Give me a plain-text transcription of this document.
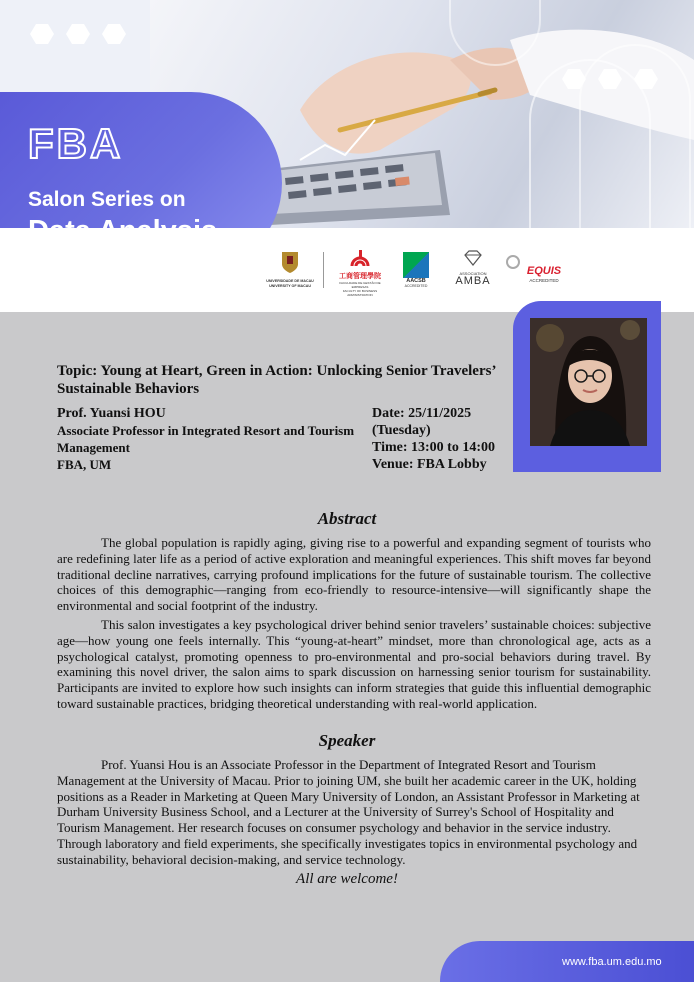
FBA
Salon Series on
UNIVERSIDADE DE MACAU
UNIVERSITY OF MACAU
工商管理學院
FACULDADE DE GESTÃO DE EMPRESAS
FACULTY OF BUSINESS ADMINISTRATION
AACSB
ACCREDITED
ASSOCIATION
AMBA
EQUIS
ACCREDITED
Topic: Young at Heart, Green in Action: Unlocking Senior Travelers’ Sustainable Behaviors
Prof. Yuansi HOU
Associate Professor in Integrated Resort and Tourism Management
FBA, UM
Date: 25/11/2025
(Tuesday)
Time: 13:00 to 14:00
Venue: FBA Lobby
Abstract

The global population is rapidly aging, giving rise to a powerful and expanding segment of tourists who are redefining later life as a period of active exploration and meaningful experiences. This shift moves far beyond traditional decline narratives, carrying profound implications for the future of sustainable tourism. The collective choices of this demographic—ranging from eco-friendly to resource-intensive—will significantly shape the environmental and social footprint of the industry.

This salon investigates a key psychological driver behind senior travelers’ sustainable choices: subjective age—how young one feels internally. This “young-at-heart” mindset, more than chronological age, acts as a psychological catalyst, promoting openness to pro-environmental and pro-social behaviors during travel. By examining this novel driver, the salon aims to spark discussion on harnessing senior tourism for sustainability. Participants are invited to explore how such insights can inform strategies that guide this influential demographic toward sustainable practices, bridging theoretical understanding with real-world application.

Speaker

Prof. Yuansi Hou is an Associate Professor in the Department of Integrated Resort and Tourism Management at the University of Macau. Prior to joining UM, she built her academic career in the UK, holding positions as a Reader in Marketing at Queen Mary University of London, an Assistant Professor in Marketing at Durham University Business School, and a Lecturer at the University of Surrey's School of Hospitality and Tourism Management. Her research focuses on consumer psychology and behavior in the service industry. Through laboratory and field experiments, she specifically investigates topics in environmental psychology and sustainability, behavioral decision-making, and service technology.

All are welcome!
www.fba.um.edu.mo
